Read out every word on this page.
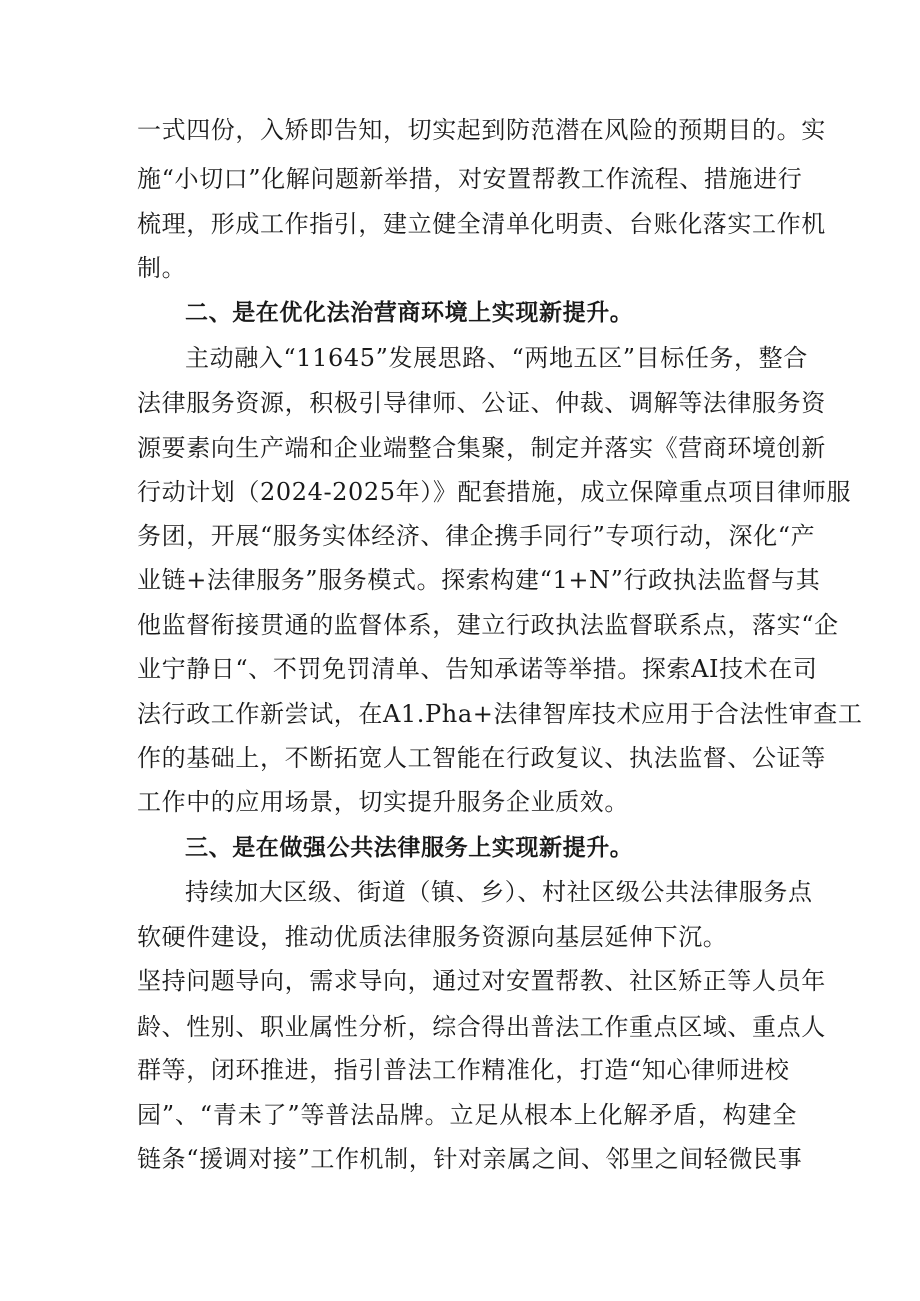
一式四份，入矫即告知，切实起到防范潜在风险的预期目的。实
施“小切口”化解问题新举措，对安置帮教工作流程、措施进行
梳理，形成工作指引，建立健全清单化明责、台账化落实工作机
制。
二、是在优化法治营商环境上实现新提升。
主动融入“11645”发展思路、“两地五区”目标任务，整合
法律服务资源，积极引导律师、公证、仲裁、调解等法律服务资
源要素向生产端和企业端整合集聚，制定并落实《营商环境创新
行动计划（2024-2025年）》配套措施，成立保障重点项目律师服
务团，开展“服务实体经济、律企携手同行”专项行动，深化“产
业链+法律服务”服务模式。探索构建“1+N”行政执法监督与其
他监督衔接贯通的监督体系，建立行政执法监督联系点，落实“企
业宁静日“、不罚免罚清单、告知承诺等举措。探索AI技术在司
法行政工作新尝试，在A1.Pha+法律智库技术应用于合法性审查工
作的基础上，不断拓宽人工智能在行政复议、执法监督、公证等
工作中的应用场景，切实提升服务企业质效。
三、是在做强公共法律服务上实现新提升。
持续加大区级、街道（镇、乡）、村社区级公共法律服务点
软硬件建设，推动优质法律服务资源向基层延伸下沉。
坚持问题导向，需求导向，通过对安置帮教、社区矫正等人员年
龄、性别、职业属性分析，综合得出普法工作重点区域、重点人
群等，闭环推进，指引普法工作精准化，打造“知心律师进校
园”、“青未了”等普法品牌。立足从根本上化解矛盾，构建全
链条“援调对接”工作机制，针对亲属之间、邻里之间轻微民事
